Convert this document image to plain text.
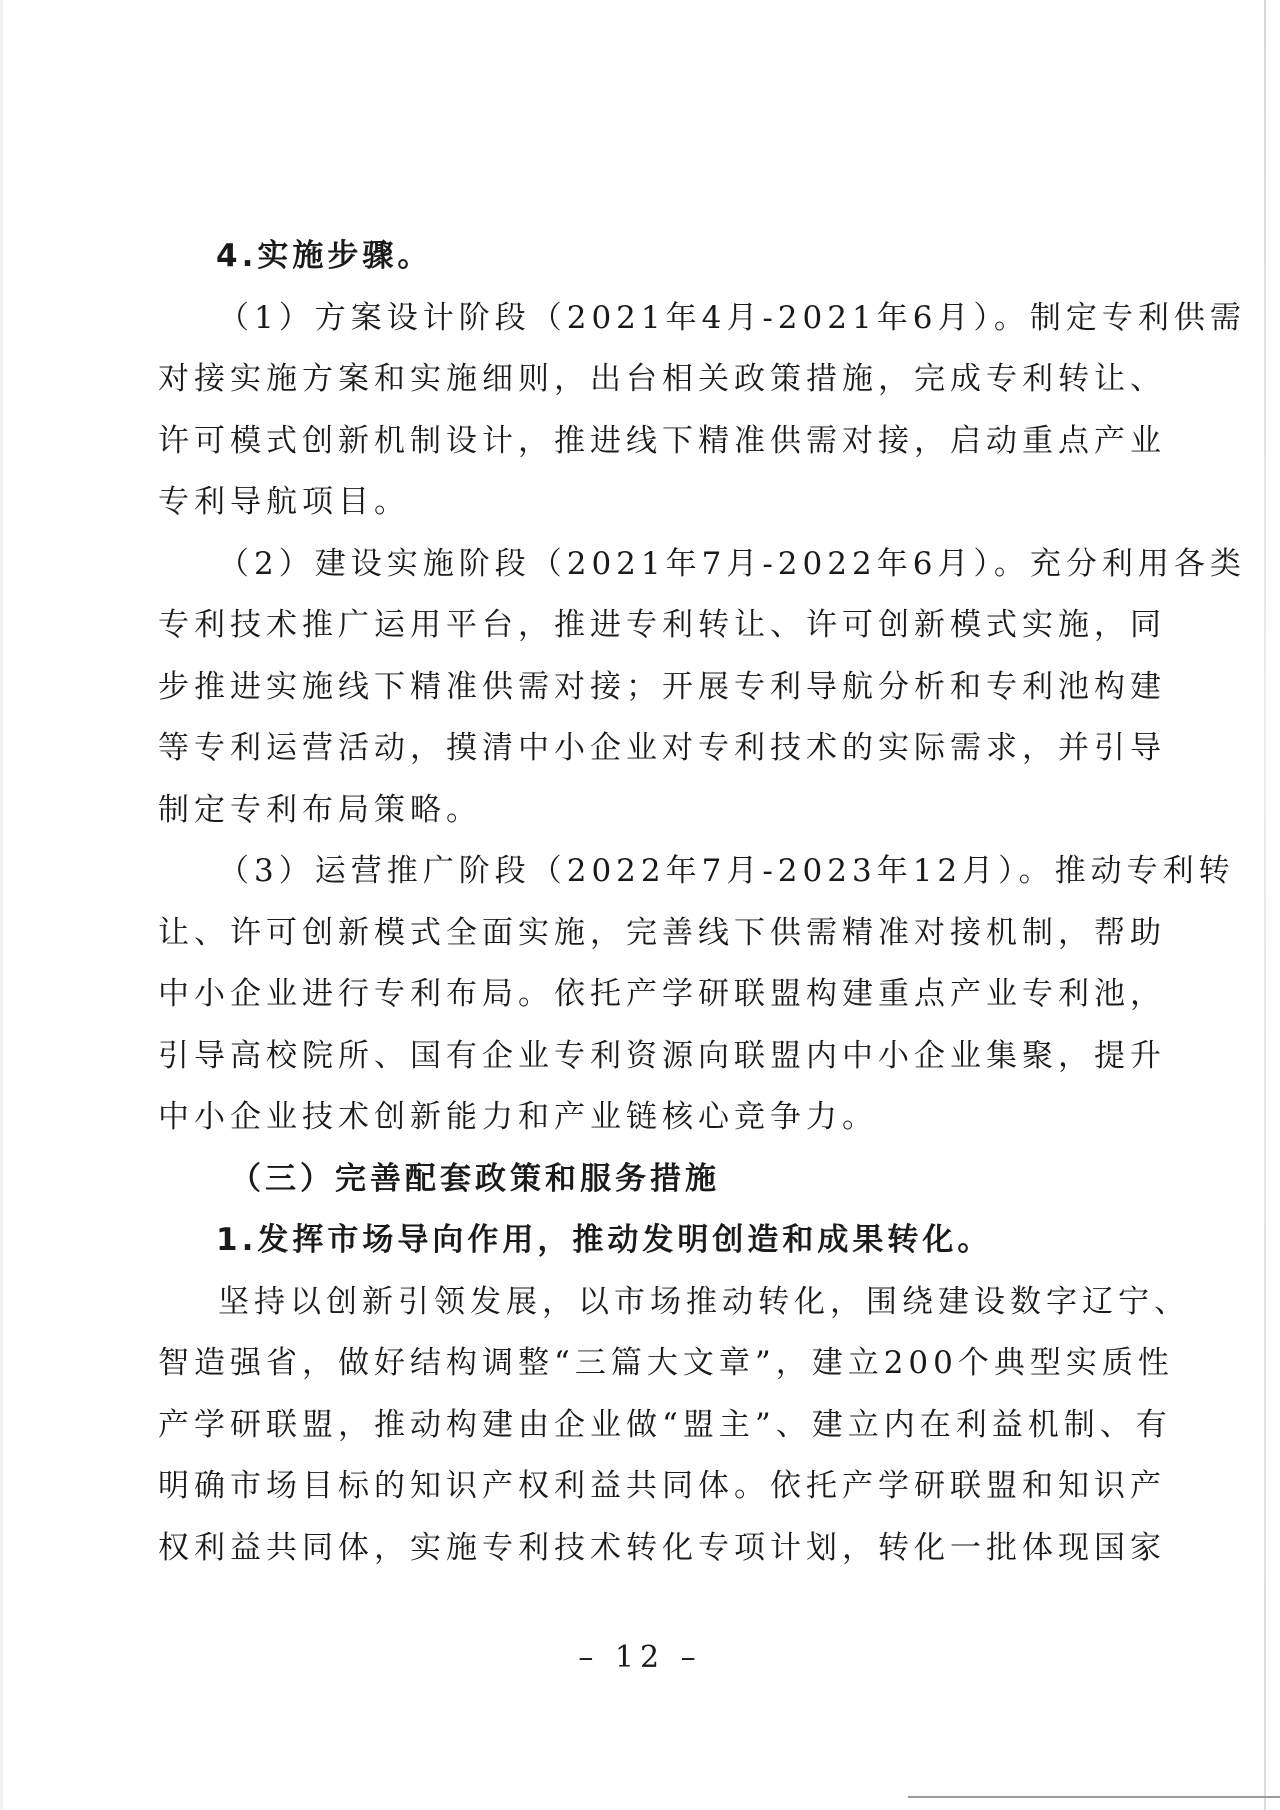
4.实施步骤。

（1）方案设计阶段（2021年4月-2021年6月）。制定专利供需

对接实施方案和实施细则，出台相关政策措施，完成专利转让、

许可模式创新机制设计，推进线下精准供需对接，启动重点产业

专利导航项目。

（2）建设实施阶段（2021年7月-2022年6月）。充分利用各类

专利技术推广运用平台，推进专利转让、许可创新模式实施，同

步推进实施线下精准供需对接；开展专利导航分析和专利池构建

等专利运营活动，摸清中小企业对专利技术的实际需求，并引导

制定专利布局策略。

（3）运营推广阶段（2022年7月-2023年12月）。推动专利转

让、许可创新模式全面实施，完善线下供需精准对接机制，帮助

中小企业进行专利布局。依托产学研联盟构建重点产业专利池，

引导高校院所、国有企业专利资源向联盟内中小企业集聚，提升

中小企业技术创新能力和产业链核心竞争力。

（三）完善配套政策和服务措施

1.发挥市场导向作用，推动发明创造和成果转化。

坚持以创新引领发展，以市场推动转化，围绕建设数字辽宁、

智造强省，做好结构调整“三篇大文章”，建立200个典型实质性

产学研联盟，推动构建由企业做“盟主”、建立内在利益机制、有

明确市场目标的知识产权利益共同体。依托产学研联盟和知识产

权利益共同体，实施专利技术转化专项计划，转化一批体现国家

– 12 –
